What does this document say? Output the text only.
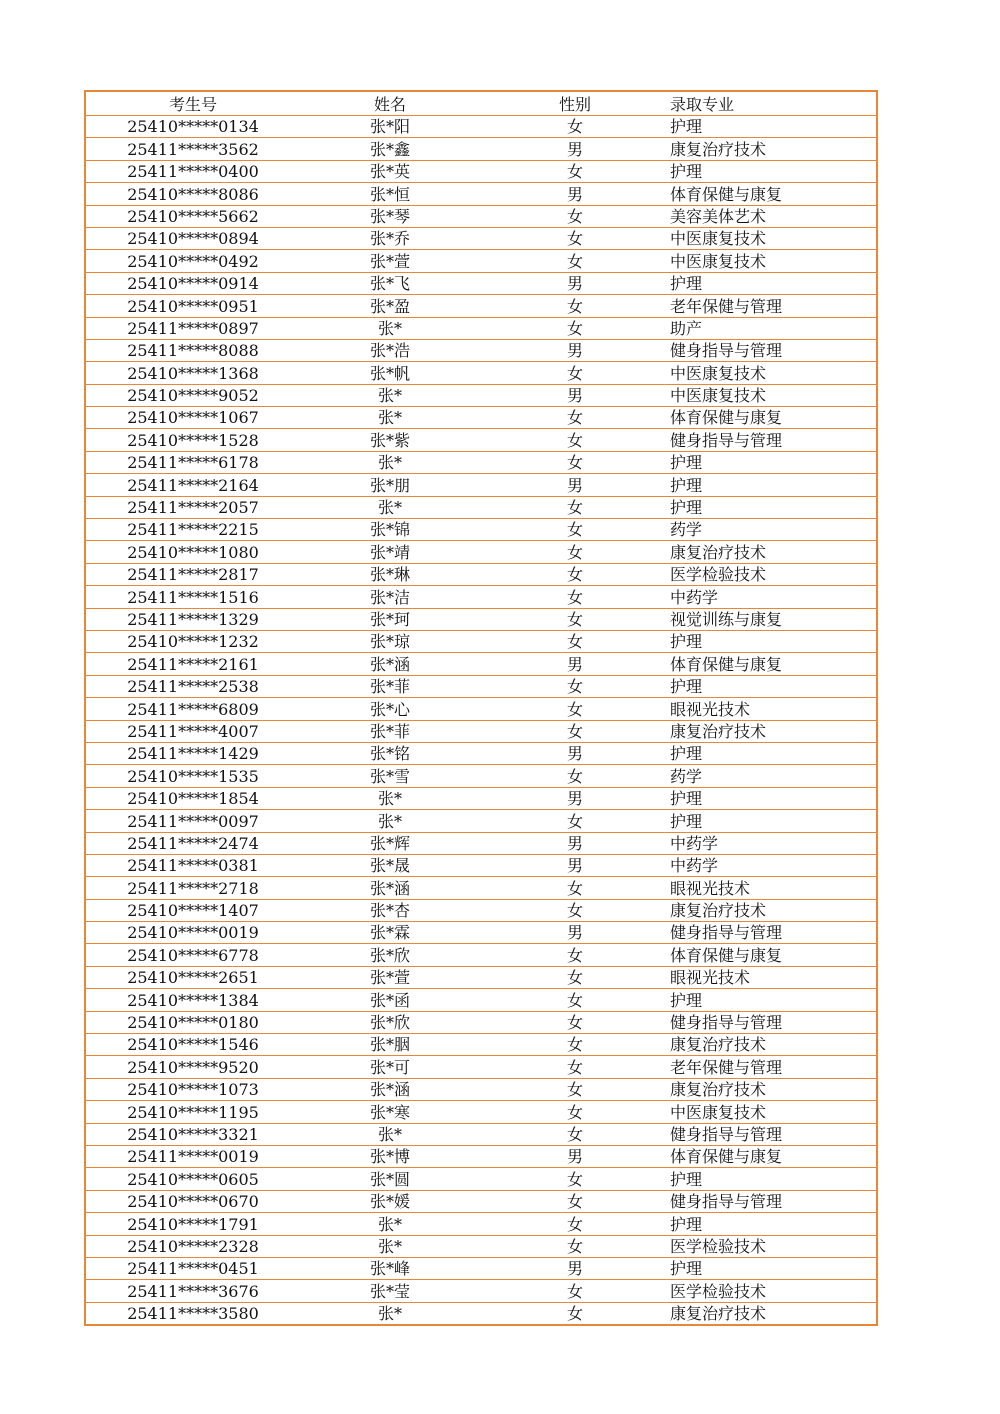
考生号	姓名	性别	录取专业
25410*****0134	张*阳	女	护理
25411*****3562	张*鑫	男	康复治疗技术
25411*****0400	张*英	女	护理
25410*****8086	张*恒	男	体育保健与康复
25410*****5662	张*琴	女	美容美体艺术
25410*****0894	张*乔	女	中医康复技术
25410*****0492	张*萱	女	中医康复技术
25410*****0914	张*飞	男	护理
25410*****0951	张*盈	女	老年保健与管理
25411*****0897	张*	女	助产
25411*****8088	张*浩	男	健身指导与管理
25410*****1368	张*帆	女	中医康复技术
25410*****9052	张*	男	中医康复技术
25410*****1067	张*	女	体育保健与康复
25410*****1528	张*紫	女	健身指导与管理
25411*****6178	张*	女	护理
25411*****2164	张*朋	男	护理
25411*****2057	张*	女	护理
25411*****2215	张*锦	女	药学
25410*****1080	张*靖	女	康复治疗技术
25411*****2817	张*琳	女	医学检验技术
25411*****1516	张*洁	女	中药学
25411*****1329	张*珂	女	视觉训练与康复
25410*****1232	张*琼	女	护理
25411*****2161	张*涵	男	体育保健与康复
25411*****2538	张*菲	女	护理
25411*****6809	张*心	女	眼视光技术
25411*****4007	张*菲	女	康复治疗技术
25411*****1429	张*铭	男	护理
25410*****1535	张*雪	女	药学
25410*****1854	张*	男	护理
25411*****0097	张*	女	护理
25411*****2474	张*辉	男	中药学
25411*****0381	张*晟	男	中药学
25411*****2718	张*涵	女	眼视光技术
25410*****1407	张*杏	女	康复治疗技术
25410*****0019	张*霖	男	健身指导与管理
25410*****6778	张*欣	女	体育保健与康复
25410*****2651	张*萱	女	眼视光技术
25410*****1384	张*函	女	护理
25410*****0180	张*欣	女	健身指导与管理
25410*****1546	张*胭	女	康复治疗技术
25410*****9520	张*可	女	老年保健与管理
25410*****1073	张*涵	女	康复治疗技术
25410*****1195	张*寒	女	中医康复技术
25410*****3321	张*	女	健身指导与管理
25411*****0019	张*博	男	体育保健与康复
25410*****0605	张*圆	女	护理
25410*****0670	张*媛	女	健身指导与管理
25410*****1791	张*	女	护理
25410*****2328	张*	女	医学检验技术
25411*****0451	张*峰	男	护理
25411*****3676	张*莹	女	医学检验技术
25411*****3580	张*	女	康复治疗技术
